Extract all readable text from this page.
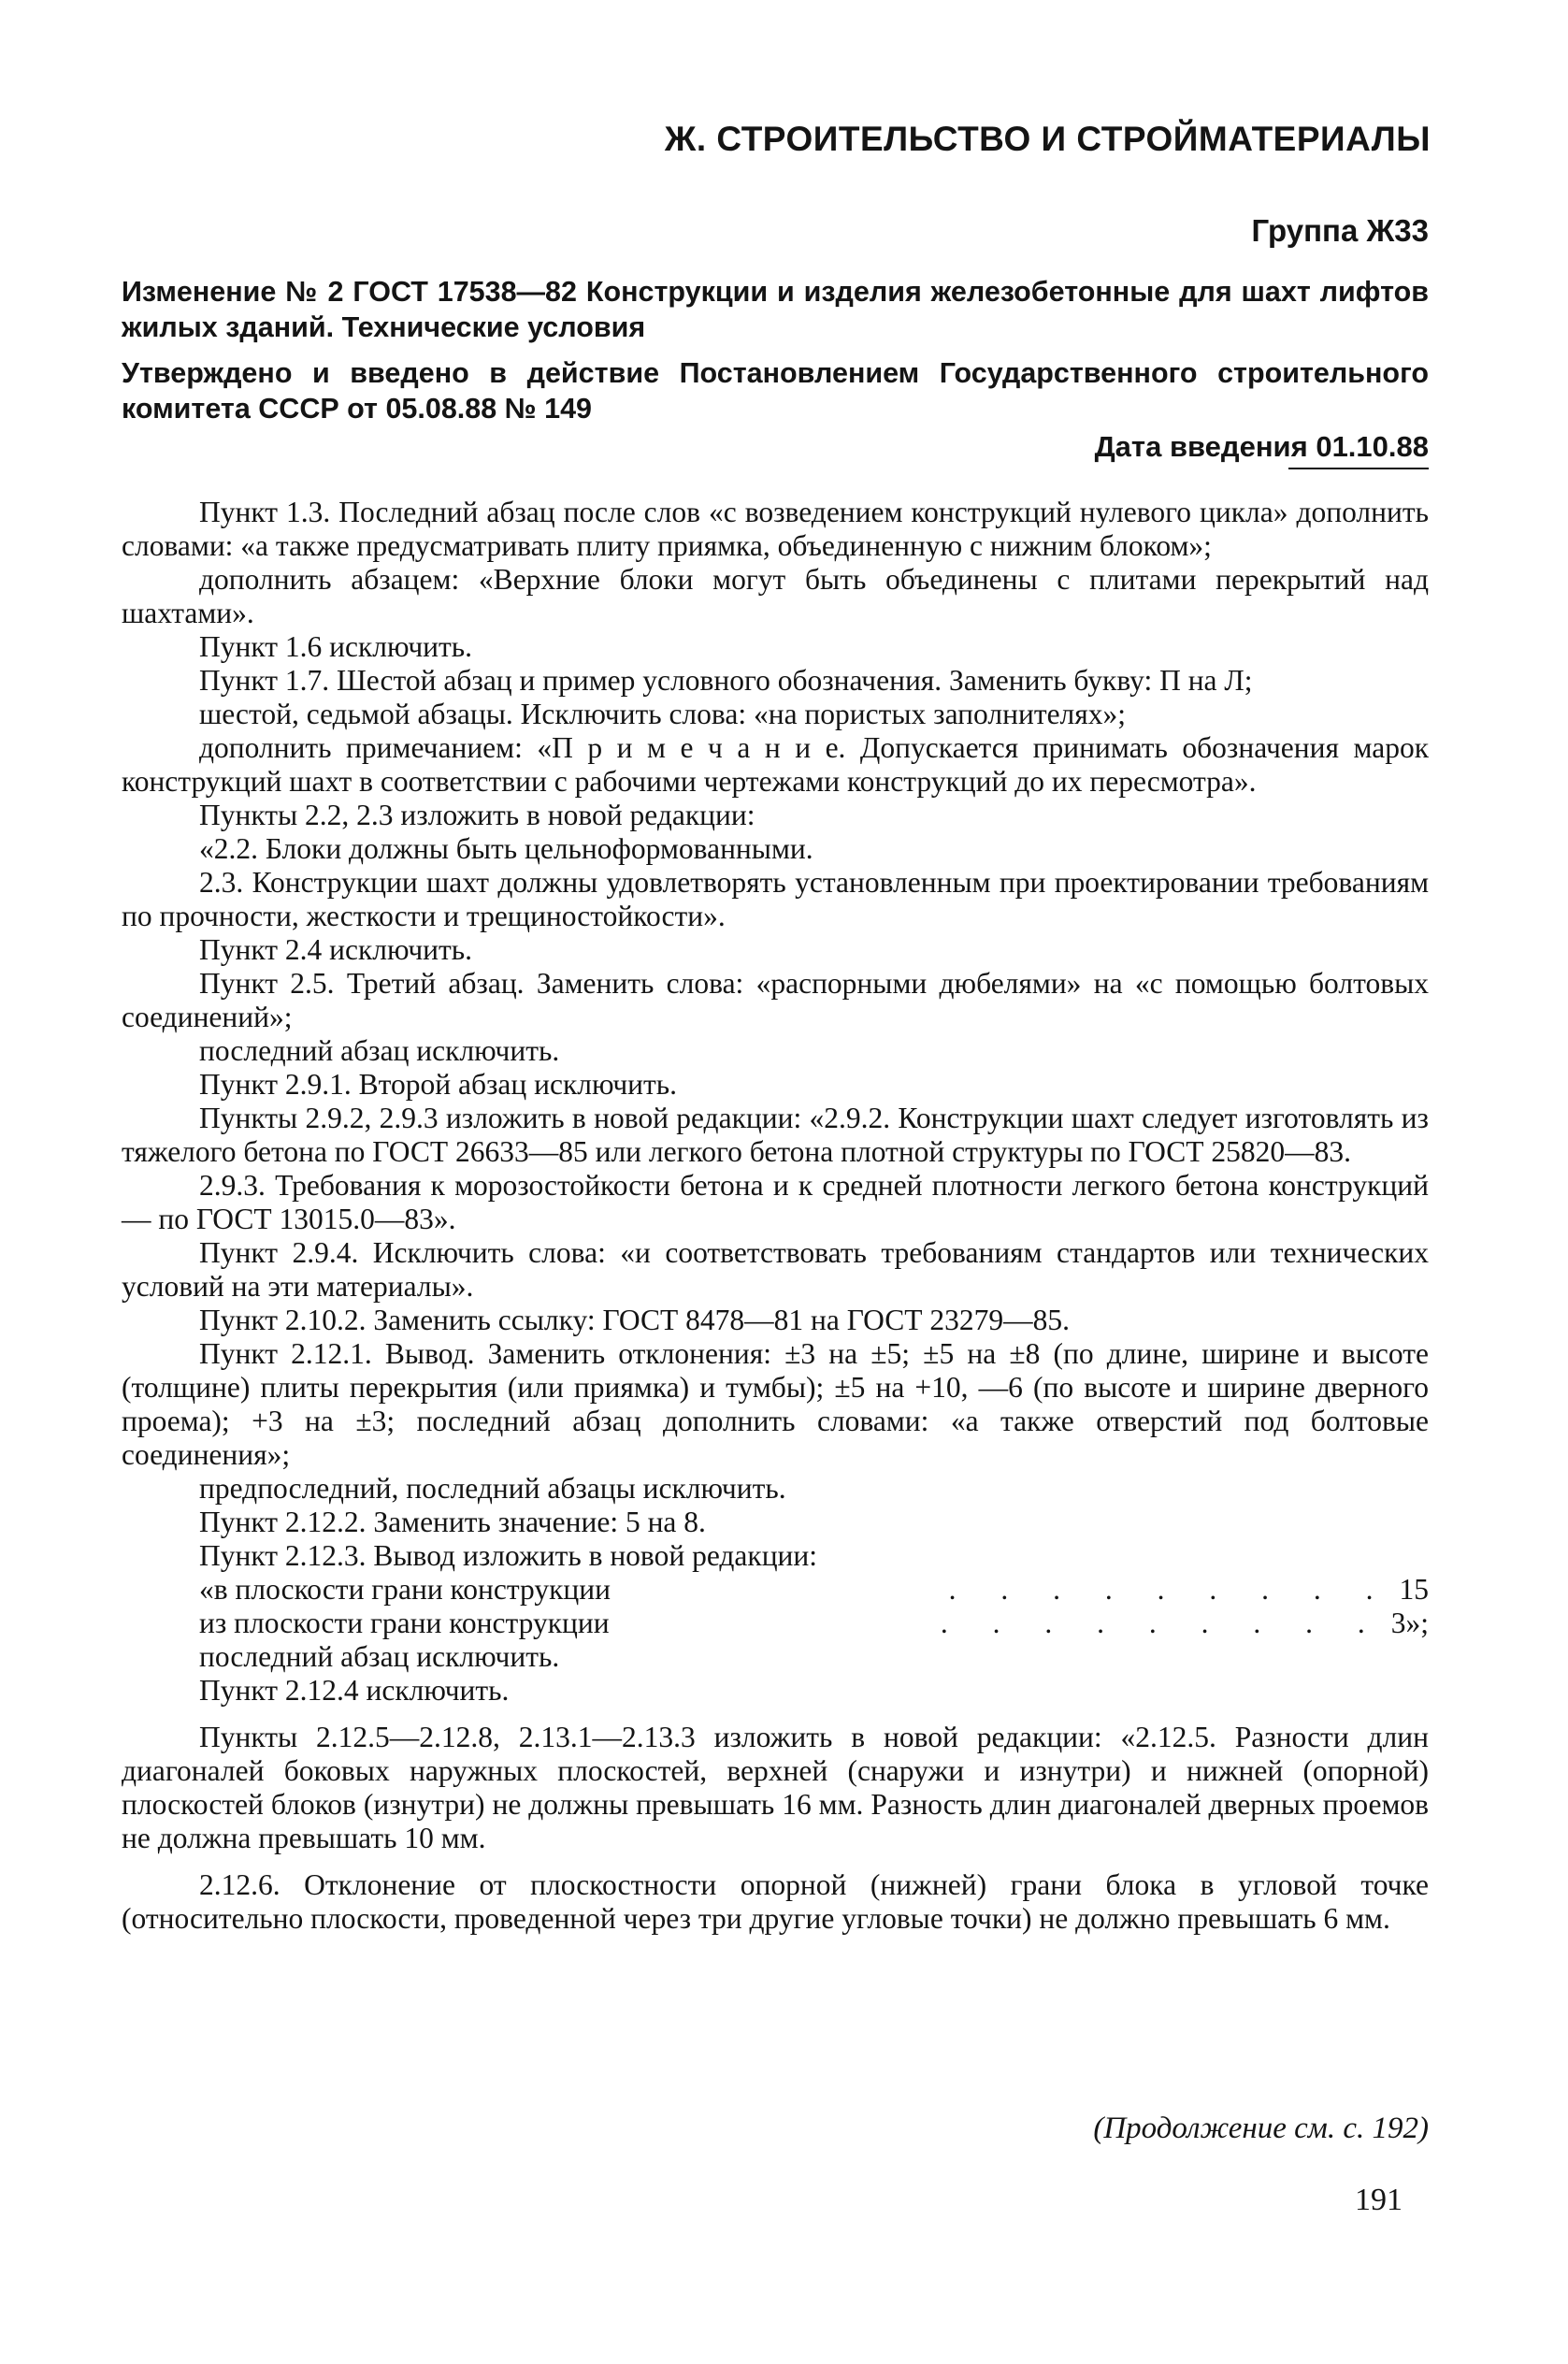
Ж. СТРОИТЕЛЬСТВО И СТРОЙМАТЕРИАЛЫ
Группа Ж33
Изменение № 2 ГОСТ 17538—82 Конструкции и изделия железобетонные для шахт лифтов жилых зданий. Технические условия
Утверждено и введено в действие Постановлением Государственного строительного комитета СССР от 05.08.88 № 149
Дата введения 01.10.88

Пункт 1.3. Последний абзац после слов «с возведением конструкций нулевого цикла» дополнить словами: «а также предусматривать плиту приямка, объединенную с нижним блоком»;

дополнить абзацем: «Верхние блоки могут быть объединены с плитами перекрытий над шахтами».

Пункт 1.6 исключить.

Пункт 1.7. Шестой абзац и пример условного обозначения. Заменить букву: П на Л;

шестой, седьмой абзацы. Исключить слова: «на пористых заполнителях»;

дополнить примечанием: «П р и м е ч а н и е. Допускается принимать обозначения марок конструкций шахт в соответствии с рабочими чертежами конструкций до их пересмотра».

Пункты 2.2, 2.3 изложить в новой редакции:

«2.2. Блоки должны быть цельноформованными.

2.3. Конструкции шахт должны удовлетворять установленным при проектировании требованиям по прочности, жесткости и трещиностойкости».

Пункт 2.4 исключить.

Пункт 2.5. Третий абзац. Заменить слова: «распорными дюбелями» на «с помощью болтовых соединений»;

последний абзац исключить.

Пункт 2.9.1. Второй абзац исключить.

Пункты 2.9.2, 2.9.3 изложить в новой редакции: «2.9.2. Конструкции шахт следует изготовлять из тяжелого бетона по ГОСТ 26633—85 или легкого бетона плотной структуры по ГОСТ 25820—83.

2.9.3. Требования к морозостойкости бетона и к средней плотности легкого бетона конструкций — по ГОСТ 13015.0—83».

Пункт 2.9.4. Исключить слова: «и соответствовать требованиям стандартов или технических условий на эти материалы».

Пункт 2.10.2. Заменить ссылку: ГОСТ 8478—81 на ГОСТ 23279—85.

Пункт 2.12.1. Вывод. Заменить отклонения: ±3 на ±5; ±5 на ±8 (по длине, ширине и высоте (толщине) плиты перекрытия (или приямка) и тумбы); ±5 на +10, —6 (по высоте и ширине дверного проема); +3 на ±3; последний абзац дополнить словами: «а также отверстий под болтовые соединения»;

предпоследний, последний абзацы исключить.

Пункт 2.12.2. Заменить значение: 5 на 8.

Пункт 2.12.3. Вывод изложить в новой редакции:

«в плоскости грани конструкции	. . . . . . . . . 15
из плоскости грани конструкции	. . . . . . . . . 3»;

последний абзац исключить.

Пункт 2.12.4 исключить.

Пункты 2.12.5—2.12.8, 2.13.1—2.13.3 изложить в новой редакции: «2.12.5. Разности длин диагоналей боковых наружных плоскостей, верхней (снаружи и изнутри) и нижней (опорной) плоскостей блоков (изнутри) не должны превышать 16 мм. Разность длин диагоналей дверных проемов не должна превышать 10 мм.

2.12.6. Отклонение от плоскостности опорной (нижней) грани блока в угловой точке (относительно плоскости, проведенной через три другие угловые точки) не должно превышать 6 мм.

(Продолжение см. с. 192)
191
